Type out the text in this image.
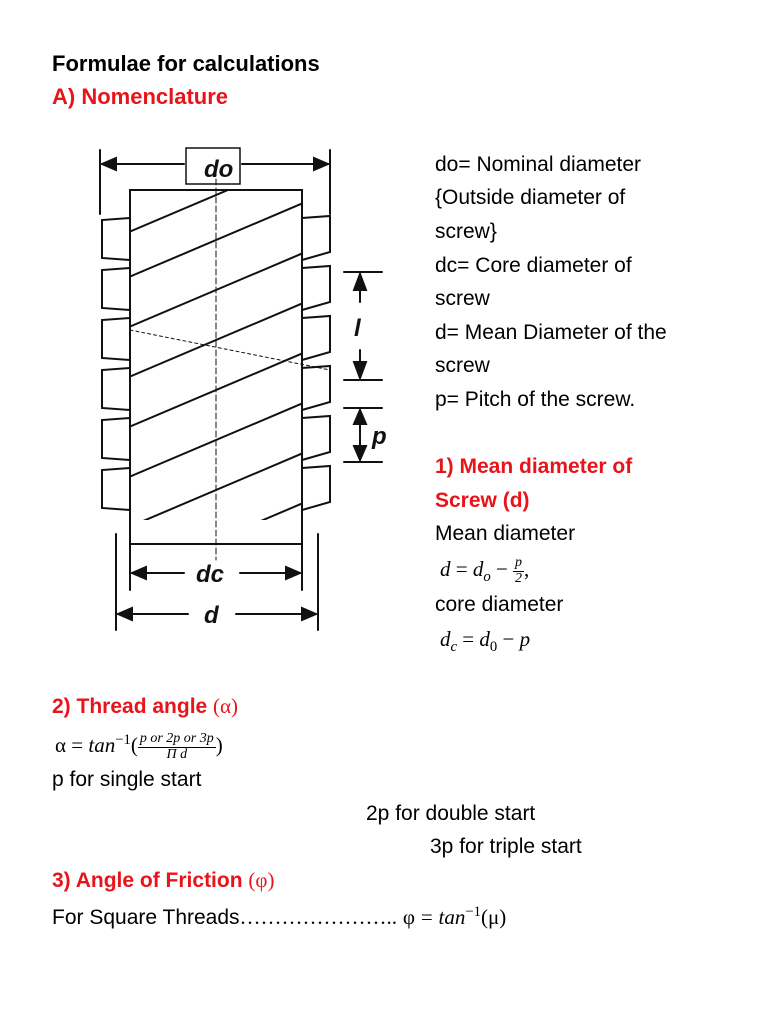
Formulae for calculations
A) Nomenclature
do
l
p
dc
d
do= Nominal diameter
{Outside diameter of
screw}
dc= Core diameter of
screw
d= Mean Diameter of the
screw
p= Pitch of the screw.
1) Mean diameter of
Screw (d)
Mean diameter
$d = d_o - \frac{p}{2}$ ,
core diameter
$d_c = d_0 - p$
2) Thread angle (α)
$\alpha = \tan^{-1}( \frac{\text{p or 2p or 3p}}{\text{Π d}}$ )
p for single start
2p for double start
3p for triple start
3) Angle of Friction (φ)
For Square Threads………………….. $\varphi = \tan^{-1}(\mu)$
